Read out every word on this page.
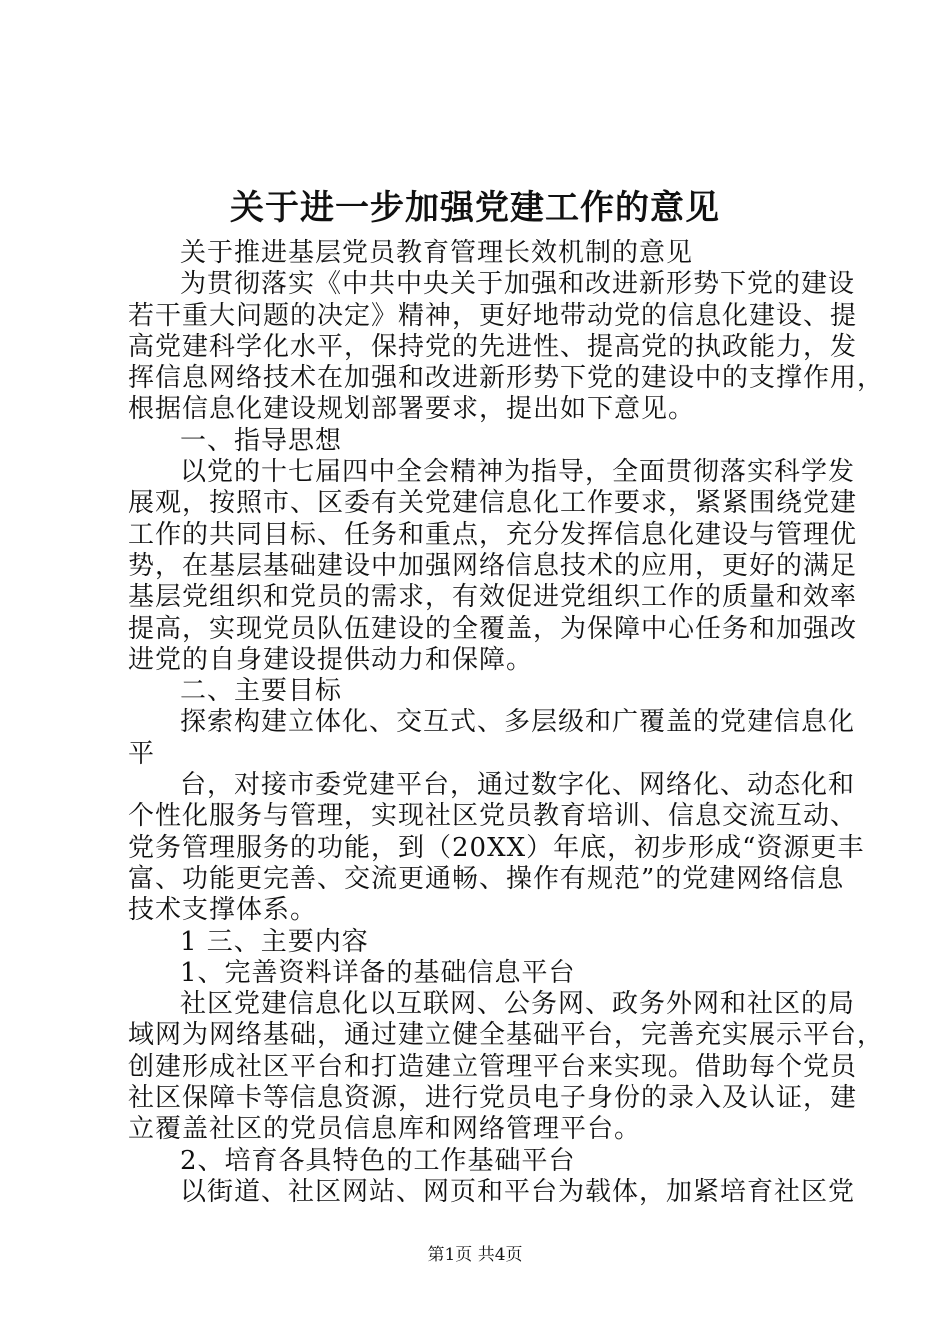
关于进一步加强党建工作的意见
关于推进基层党员教育管理长效机制的意见
为贯彻落实《中共中央关于加强和改进新形势下党的建设
若干重大问题的决定》精神，更好地带动党的信息化建设、提
高党建科学化水平，保持党的先进性、提高党的执政能力，发
挥信息网络技术在加强和改进新形势下党的建设中的支撑作用，
根据信息化建设规划部署要求，提出如下意见。
一、指导思想
以党的十七届四中全会精神为指导，全面贯彻落实科学发
展观，按照市、区委有关党建信息化工作要求，紧紧围绕党建
工作的共同目标、任务和重点，充分发挥信息化建设与管理优
势，在基层基础建设中加强网络信息技术的应用，更好的满足
基层党组织和党员的需求，有效促进党组织工作的质量和效率
提高，实现党员队伍建设的全覆盖，为保障中心任务和加强改
进党的自身建设提供动力和保障。
二、主要目标
探索构建立体化、交互式、多层级和广覆盖的党建信息化
平
台，对接市委党建平台，通过数字化、网络化、动态化和
个性化服务与管理，实现社区党员教育培训、信息交流互动、
党务管理服务的功能，到（20XX）年底，初步形成“资源更丰
富、功能更完善、交流更通畅、操作有规范”的党建网络信息
技术支撑体系。
1 三、主要内容
1、完善资料详备的基础信息平台
社区党建信息化以互联网、公务网、政务外网和社区的局
域网为网络基础，通过建立健全基础平台，完善充实展示平台，
创建形成社区平台和打造建立管理平台来实现。借助每个党员
社区保障卡等信息资源，进行党员电子身份的录入及认证，建
立覆盖社区的党员信息库和网络管理平台。
2、培育各具特色的工作基础平台
以街道、社区网站、网页和平台为载体，加紧培育社区党
第1页 共4页
